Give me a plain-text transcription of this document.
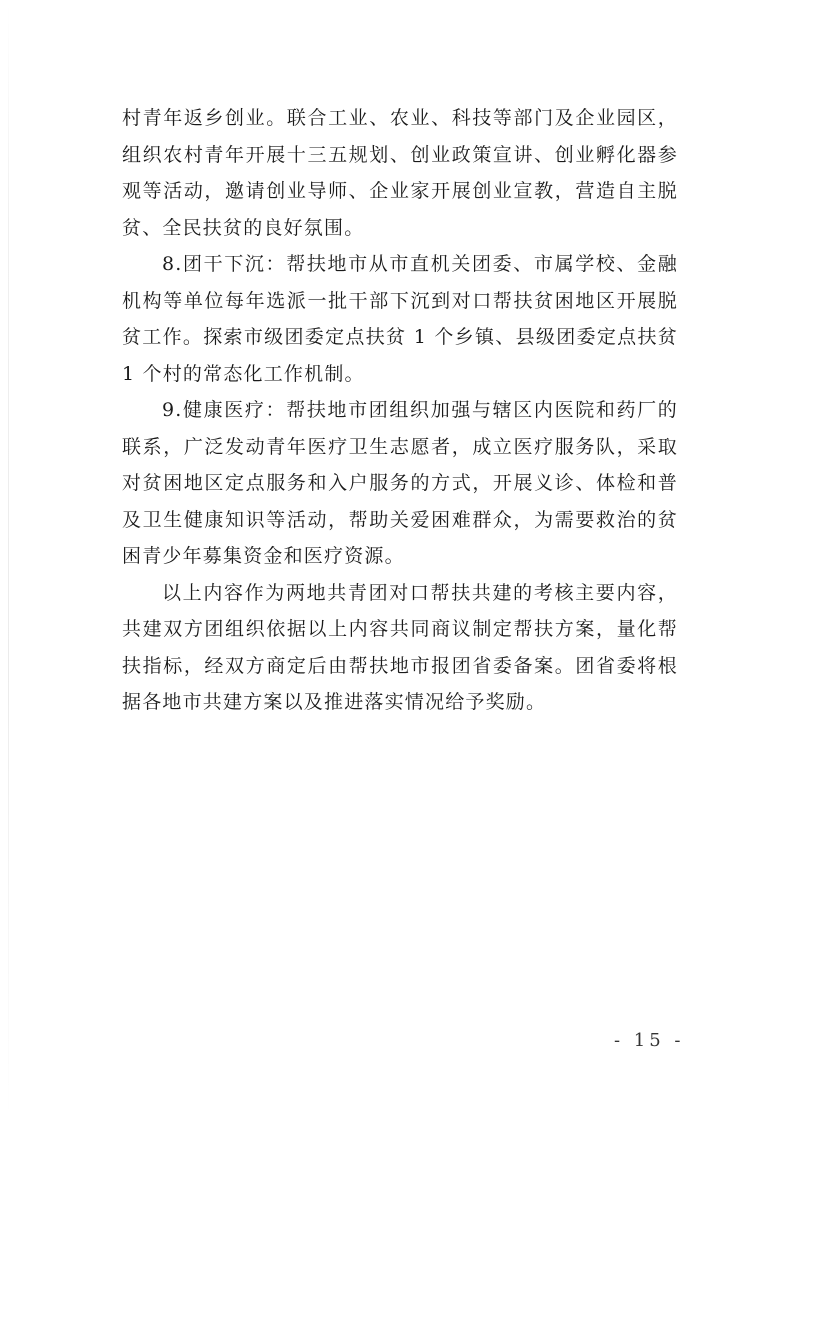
村青年返乡创业。联合工业、农业、科技等部门及企业园区，组织农村青年开展十三五规划、创业政策宣讲、创业孵化器参观等活动，邀请创业导师、企业家开展创业宣教，营造自主脱贫、全民扶贫的良好氛围。

8.团干下沉：帮扶地市从市直机关团委、市属学校、金融机构等单位每年选派一批干部下沉到对口帮扶贫困地区开展脱贫工作。探索市级团委定点扶贫 1 个乡镇、县级团委定点扶贫 1 个村的常态化工作机制。

9.健康医疗：帮扶地市团组织加强与辖区内医院和药厂的联系，广泛发动青年医疗卫生志愿者，成立医疗服务队，采取对贫困地区定点服务和入户服务的方式，开展义诊、体检和普及卫生健康知识等活动，帮助关爱困难群众，为需要救治的贫困青少年募集资金和医疗资源。

以上内容作为两地共青团对口帮扶共建的考核主要内容，共建双方团组织依据以上内容共同商议制定帮扶方案，量化帮扶指标，经双方商定后由帮扶地市报团省委备案。团省委将根据各地市共建方案以及推进落实情况给予奖励。

- 15 -
